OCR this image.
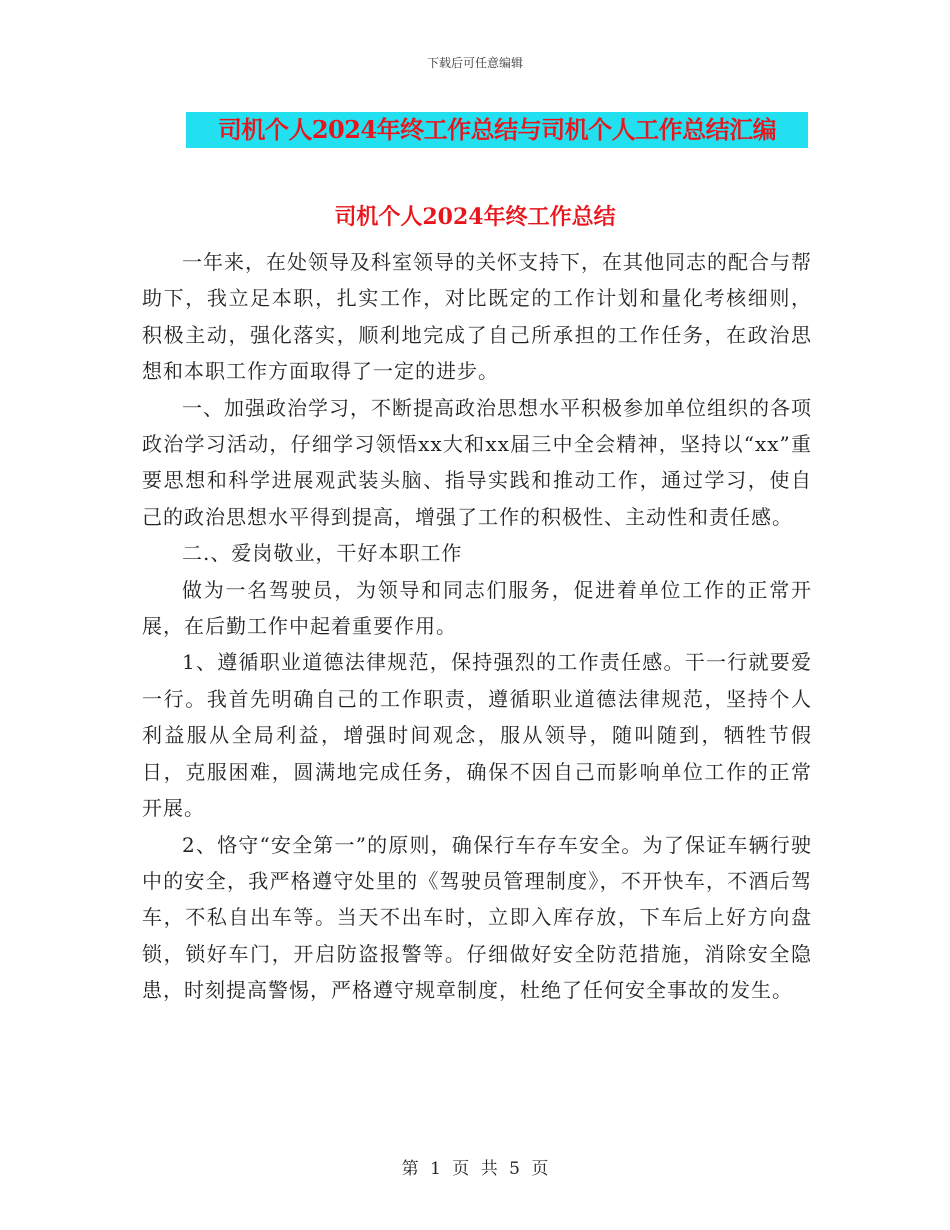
下载后可任意编辑
司机个人2024年终工作总结与司机个人工作总结汇编
司机个人2024年终工作总结

一年来，在处领导及科室领导的关怀支持下，在其他同志的配合与帮助下，我立足本职，扎实工作，对比既定的工作计划和量化考核细则，积极主动，强化落实，顺利地完成了自己所承担的工作任务，在政治思想和本职工作方面取得了一定的进步。

一、加强政治学习，不断提高政治思想水平积极参加单位组织的各项政治学习活动，仔细学习领悟xx大和xx届三中全会精神，坚持以“xx”重要思想和科学进展观武装头脑、指导实践和推动工作，通过学习，使自己的政治思想水平得到提高，增强了工作的积极性、主动性和责任感。

二.、爱岗敬业，干好本职工作

做为一名驾驶员，为领导和同志们服务，促进着单位工作的正常开展，在后勤工作中起着重要作用。

1、遵循职业道德法律规范，保持强烈的工作责任感。干一行就要爱一行。我首先明确自己的工作职责，遵循职业道德法律规范，坚持个人利益服从全局利益，增强时间观念，服从领导，随叫随到，牺牲节假日，克服困难，圆满地完成任务，确保不因自己而影响单位工作的正常开展。

2、恪守“安全第一”的原则，确保行车存车安全。为了保证车辆行驶中的安全，我严格遵守处里的《驾驶员管理制度》，不开快车，不酒后驾车，不私自出车等。当天不出车时，立即入库存放，下车后上好方向盘锁，锁好车门，开启防盗报警等。仔细做好安全防范措施，消除安全隐患，时刻提高警惕，严格遵守规章制度，杜绝了任何安全事故的发生。

第 1 页 共 5 页
